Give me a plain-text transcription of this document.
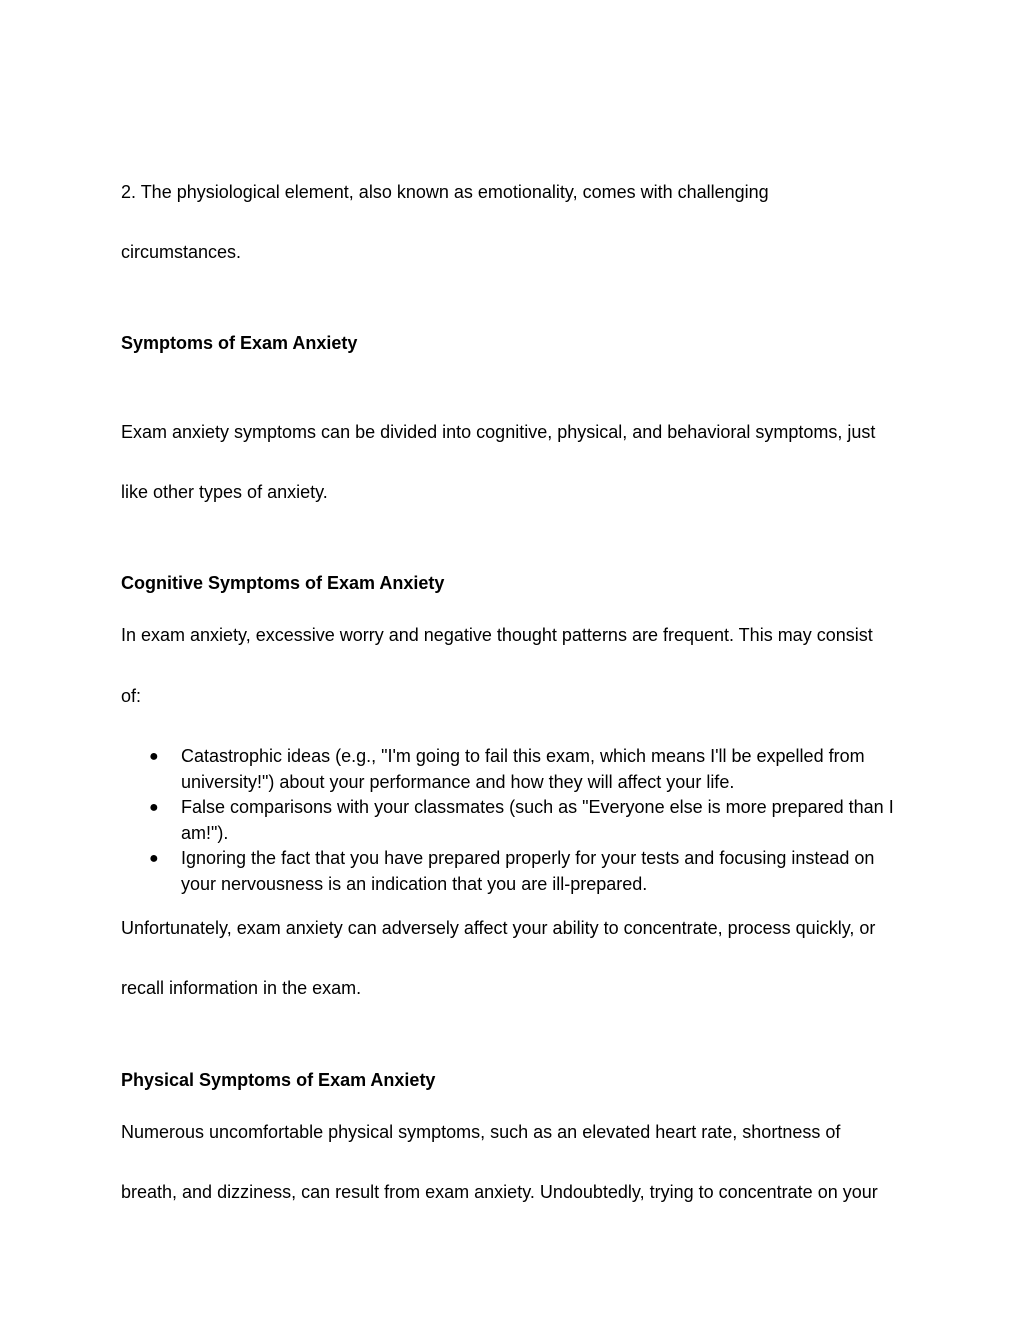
2. The physiological element, also known as emotionality, comes with challenging
circumstances.
Symptoms of Exam Anxiety
Exam anxiety symptoms can be divided into cognitive, physical, and behavioral symptoms, just
like other types of anxiety.
Cognitive Symptoms of Exam Anxiety
In exam anxiety, excessive worry and negative thought patterns are frequent. This may consist
of:
● Catastrophic ideas (e.g., "I'm going to fail this exam, which means I'll be expelled from
university!") about your performance and how they will affect your life.
● False comparisons with your classmates (such as "Everyone else is more prepared than I
am!").
● Ignoring the fact that you have prepared properly for your tests and focusing instead on
your nervousness is an indication that you are ill-prepared.
Unfortunately, exam anxiety can adversely affect your ability to concentrate, process quickly, or
recall information in the exam.
Physical Symptoms of Exam Anxiety
Numerous uncomfortable physical symptoms, such as an elevated heart rate, shortness of
breath, and dizziness, can result from exam anxiety. Undoubtedly, trying to concentrate on your
